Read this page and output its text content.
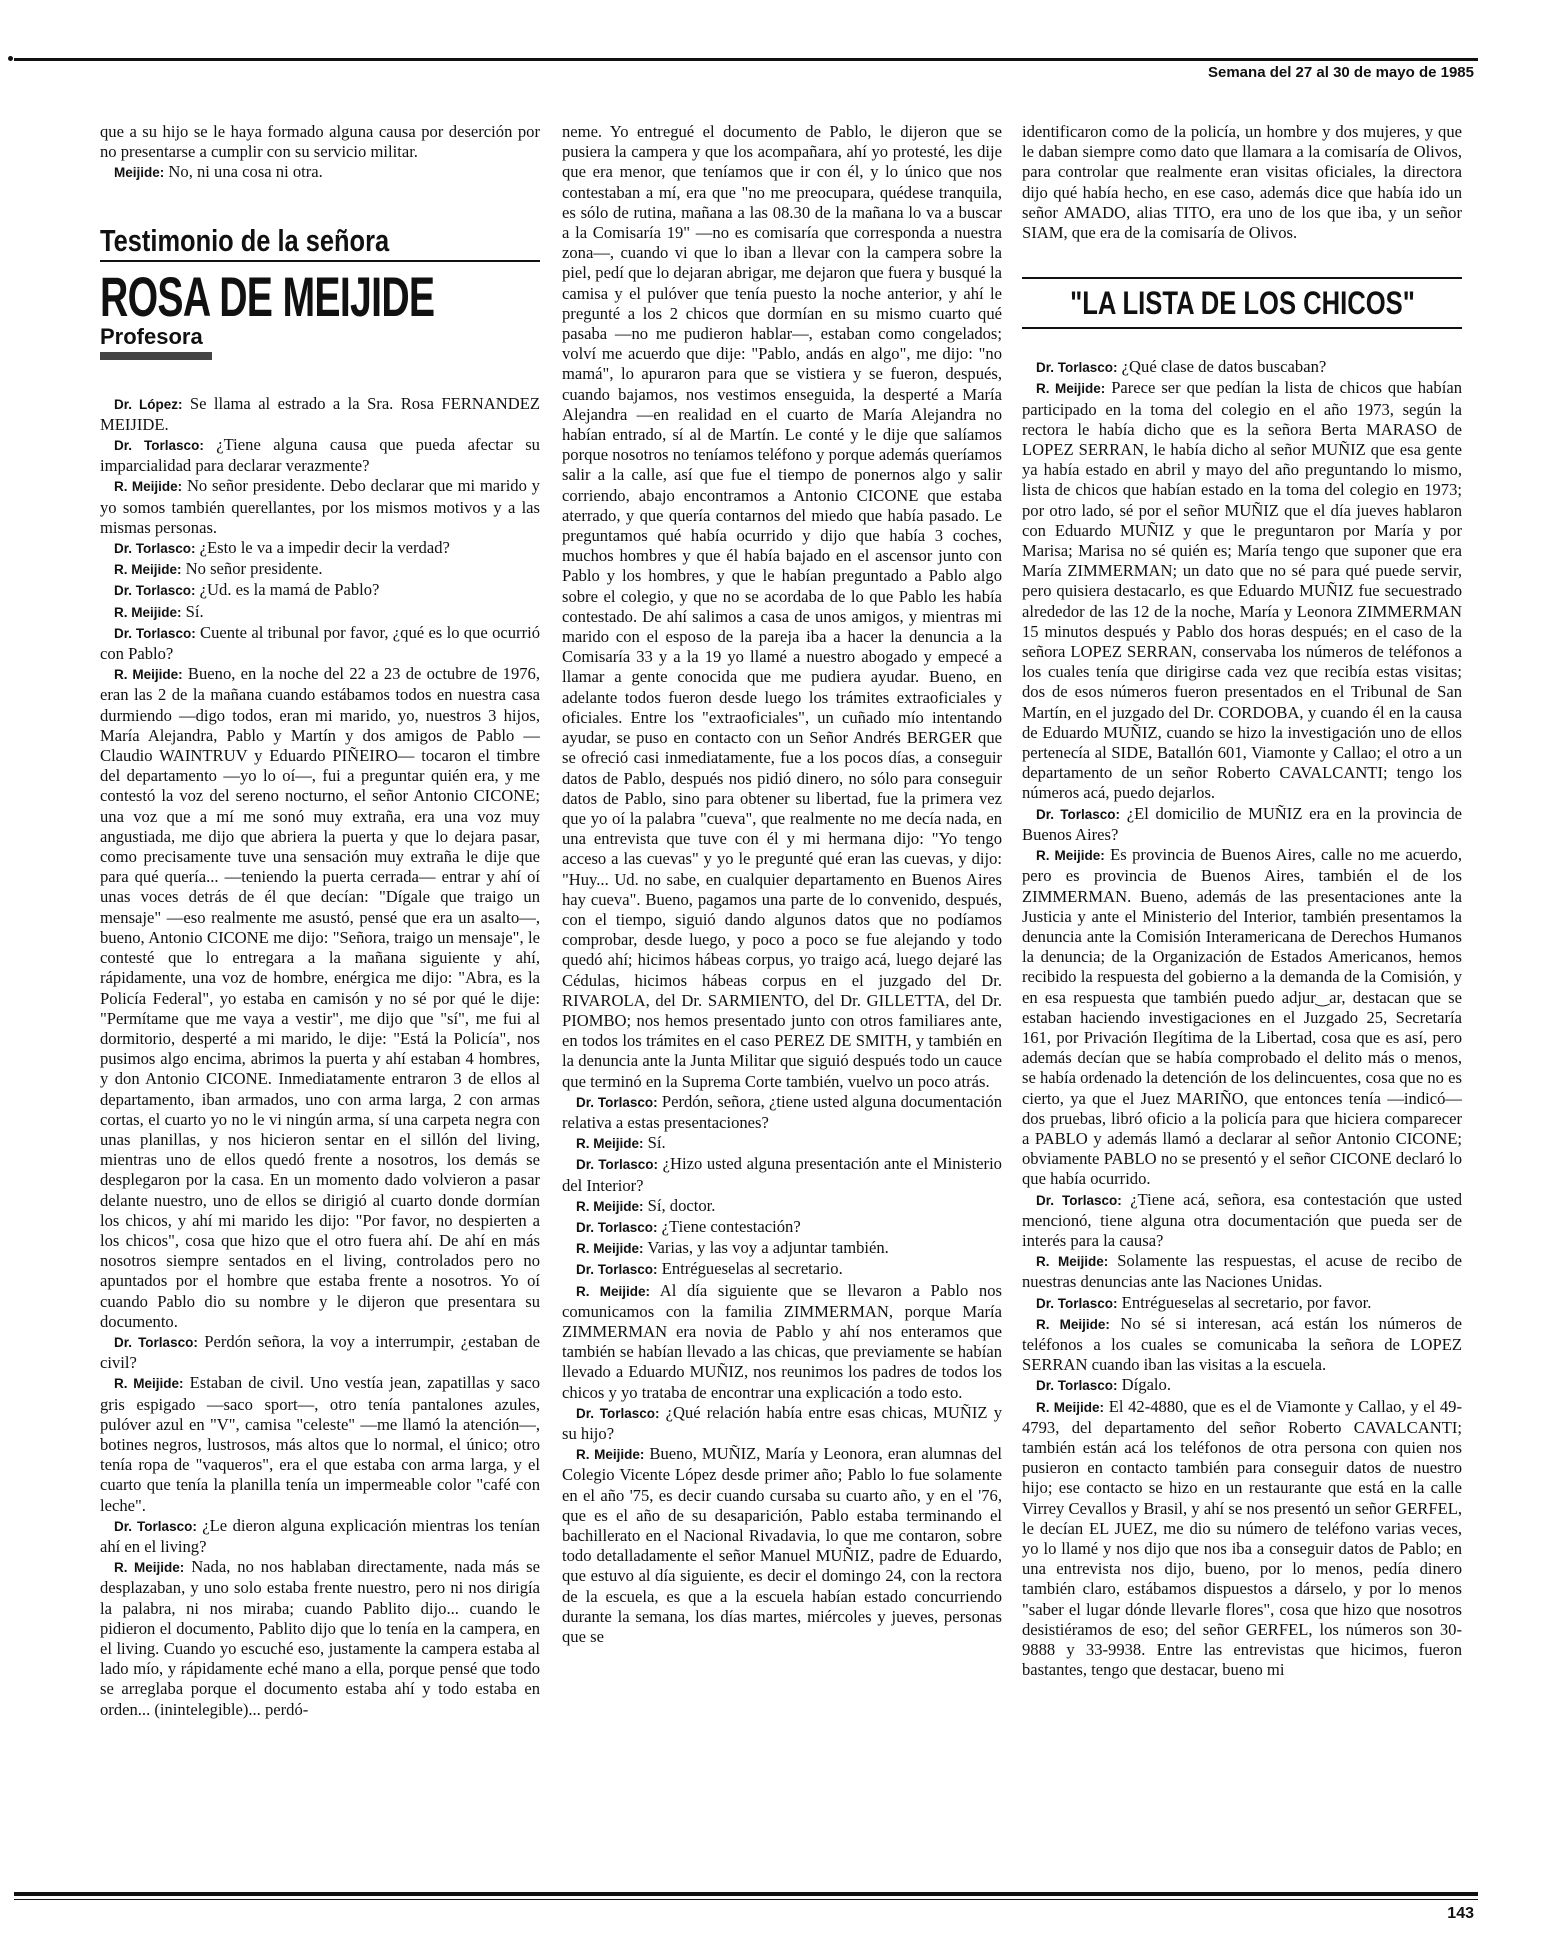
Semana del 27 al 30 de mayo de 1985

que a su hijo se le haya formado alguna causa por deserción por no presentarse a cumplir con su servicio militar.

Meijide: No, ni una cosa ni otra.

Testimonio de la señora
ROSA DE MEIJIDE
Profesora

Dr. López: Se llama al estrado a la Sra. Rosa FERNANDEZ MEIJIDE.

Dr. Torlasco: ¿Tiene alguna causa que pueda afectar su imparcialidad para declarar verazmente?

R. Meijide: No señor presidente. Debo declarar que mi marido y yo somos también querellantes, por los mismos motivos y a las mismas personas.

Dr. Torlasco: ¿Esto le va a impedir decir la verdad?

R. Meijide: No señor presidente.

Dr. Torlasco: ¿Ud. es la mamá de Pablo?

R. Meijide: Sí.

Dr. Torlasco: Cuente al tribunal por favor, ¿qué es lo que ocurrió con Pablo?

R. Meijide: Bueno, en la noche del 22 a 23 de octubre de 1976, eran las 2 de la mañana cuando estábamos todos en nuestra casa durmiendo —digo todos, eran mi marido, yo, nuestros 3 hijos, María Alejandra, Pablo y Martín y dos amigos de Pablo —Claudio WAINTRUV y Eduardo PIÑEIRO— tocaron el timbre del departamento —yo lo oí—, fui a preguntar quién era, y me contestó la voz del sereno nocturno, el señor Antonio CICONE; una voz que a mí me sonó muy extraña, era una voz muy angustiada, me dijo que abriera la puerta y que lo dejara pasar, como precisamente tuve una sensación muy extraña le dije que para qué quería... —teniendo la puerta cerrada— entrar y ahí oí unas voces detrás de él que decían: "Dígale que traigo un mensaje" —eso realmente me asustó, pensé que era un asalto—, bueno, Antonio CICONE me dijo: "Señora, traigo un mensaje", le contesté que lo entregara a la mañana siguiente y ahí, rápidamente, una voz de hombre, enérgica me dijo: "Abra, es la Policía Federal", yo estaba en camisón y no sé por qué le dije: "Permítame que me vaya a vestir", me dijo que "sí", me fui al dormitorio, desperté a mi marido, le dije: "Está la Policía", nos pusimos algo encima, abrimos la puerta y ahí estaban 4 hombres, y don Antonio CICONE. Inmediatamente entraron 3 de ellos al departamento, iban armados, uno con arma larga, 2 con armas cortas, el cuarto yo no le vi ningún arma, sí una carpeta negra con unas planillas, y nos hicieron sentar en el sillón del living, mientras uno de ellos quedó frente a nosotros, los demás se desplegaron por la casa. En un momento dado volvieron a pasar delante nuestro, uno de ellos se dirigió al cuarto donde dormían los chicos, y ahí mi marido les dijo: "Por favor, no despierten a los chicos", cosa que hizo que el otro fuera ahí. De ahí en más nosotros siempre sentados en el living, controlados pero no apuntados por el hombre que estaba frente a nosotros. Yo oí cuando Pablo dio su nombre y le dijeron que presentara su documento.

Dr. Torlasco: Perdón señora, la voy a interrumpir, ¿estaban de civil?

R. Meijide: Estaban de civil. Uno vestía jean, zapatillas y saco gris espigado —saco sport—, otro tenía pantalones azules, pulóver azul en "V", camisa "celeste" —me llamó la atención—, botines negros, lustrosos, más altos que lo normal, el único; otro tenía ropa de "vaqueros", era el que estaba con arma larga, y el cuarto que tenía la planilla tenía un impermeable color "café con leche".

Dr. Torlasco: ¿Le dieron alguna explicación mientras los tenían ahí en el living?

R. Meijide: Nada, no nos hablaban directamente, nada más se desplazaban, y uno solo estaba frente nuestro, pero ni nos dirigía la palabra, ni nos miraba; cuando Pablito dijo... cuando le pidieron el documento, Pablito dijo que lo tenía en la campera, en el living. Cuando yo escuché eso, justamente la campera estaba al lado mío, y rápidamente eché mano a ella, porque pensé que todo se arreglaba porque el documento estaba ahí y todo estaba en orden... (inintelegible)... perdó-

neme. Yo entregué el documento de Pablo, le dijeron que se pusiera la campera y que los acompañara, ahí yo protesté, les dije que era menor, que teníamos que ir con él, y lo único que nos contestaban a mí, era que "no me preocupara, quédese tranquila, es sólo de rutina, mañana a las 08.30 de la mañana lo va a buscar a la Comisaría 19" —no es comisaría que corresponda a nuestra zona—, cuando vi que lo iban a llevar con la campera sobre la piel, pedí que lo dejaran abrigar, me dejaron que fuera y busqué la camisa y el pulóver que tenía puesto la noche anterior, y ahí le pregunté a los 2 chicos que dormían en su mismo cuarto qué pasaba —no me pudieron hablar—, estaban como congelados; volví me acuerdo que dije: "Pablo, andás en algo", me dijo: "no mamá", lo apuraron para que se vistiera y se fueron, después, cuando bajamos, nos vestimos enseguida, la desperté a María Alejandra —en realidad en el cuarto de María Alejandra no habían entrado, sí al de Martín. Le conté y le dije que salíamos porque nosotros no teníamos teléfono y porque además queríamos salir a la calle, así que fue el tiempo de ponernos algo y salir corriendo, abajo encontramos a Antonio CICONE que estaba aterrado, y que quería contarnos del miedo que había pasado. Le preguntamos qué había ocurrido y dijo que había 3 coches, muchos hombres y que él había bajado en el ascensor junto con Pablo y los hombres, y que le habían preguntado a Pablo algo sobre el colegio, y que no se acordaba de lo que Pablo les había contestado. De ahí salimos a casa de unos amigos, y mientras mi marido con el esposo de la pareja iba a hacer la denuncia a la Comisaría 33 y a la 19 yo llamé a nuestro abogado y empecé a llamar a gente conocida que me pudiera ayudar. Bueno, en adelante todos fueron desde luego los trámites extraoficiales y oficiales. Entre los "extraoficiales", un cuñado mío intentando ayudar, se puso en contacto con un Señor Andrés BERGER que se ofreció casi inmediatamente, fue a los pocos días, a conseguir datos de Pablo, después nos pidió dinero, no sólo para conseguir datos de Pablo, sino para obtener su libertad, fue la primera vez que yo oí la palabra "cueva", que realmente no me decía nada, en una entrevista que tuve con él y mi hermana dijo: "Yo tengo acceso a las cuevas" y yo le pregunté qué eran las cuevas, y dijo: "Huy... Ud. no sabe, en cualquier departamento en Buenos Aires hay cueva". Bueno, pagamos una parte de lo convenido, después, con el tiempo, siguió dando algunos datos que no podíamos comprobar, desde luego, y poco a poco se fue alejando y todo quedó ahí; hicimos hábeas corpus, yo traigo acá, luego dejaré las Cédulas, hicimos hábeas corpus en el juzgado del Dr. RIVAROLA, del Dr. SARMIENTO, del Dr. GILLETTA, del Dr. PIOMBO; nos hemos presentado junto con otros familiares ante, en todos los trámites en el caso PEREZ DE SMITH, y también en la denuncia ante la Junta Militar que siguió después todo un cauce que terminó en la Suprema Corte también, vuelvo un poco atrás.

Dr. Torlasco: Perdón, señora, ¿tiene usted alguna documentación relativa a estas presentaciones?

R. Meijide: Sí.

Dr. Torlasco: ¿Hizo usted alguna presentación ante el Ministerio del Interior?

R. Meijide: Sí, doctor.

Dr. Torlasco: ¿Tiene contestación?

R. Meijide: Varias, y las voy a adjuntar también.

Dr. Torlasco: Entrégueselas al secretario.

R. Meijide: Al día siguiente que se llevaron a Pablo nos comunicamos con la familia ZIMMERMAN, porque María ZIMMERMAN era novia de Pablo y ahí nos enteramos que también se habían llevado a las chicas, que previamente se habían llevado a Eduardo MUÑIZ, nos reunimos los padres de todos los chicos y yo trataba de encontrar una explicación a todo esto.

Dr. Torlasco: ¿Qué relación había entre esas chicas, MUÑIZ y su hijo?

R. Meijide: Bueno, MUÑIZ, María y Leonora, eran alumnas del Colegio Vicente López desde primer año; Pablo lo fue solamente en el año '75, es decir cuando cursaba su cuarto año, y en el '76, que es el año de su desaparición, Pablo estaba terminando el bachillerato en el Nacional Rivadavia, lo que me contaron, sobre todo detalladamente el señor Manuel MUÑIZ, padre de Eduardo, que estuvo al día siguiente, es decir el domingo 24, con la rectora de la escuela, es que a la escuela habían estado concurriendo durante la semana, los días martes, miércoles y jueves, personas que se

identificaron como de la policía, un hombre y dos mujeres, y que le daban siempre como dato que llamara a la comisaría de Olivos, para controlar que realmente eran visitas oficiales, la directora dijo qué había hecho, en ese caso, además dice que había ido un señor AMADO, alias TITO, era uno de los que iba, y un señor SIAM, que era de la comisaría de Olivos.

"LA LISTA DE LOS CHICOS"

Dr. Torlasco: ¿Qué clase de datos buscaban?

R. Meijide: Parece ser que pedían la lista de chicos que habían participado en la toma del colegio en el año 1973, según la rectora le había dicho que es la señora Berta MARASO de LOPEZ SERRAN, le había dicho al señor MUÑIZ que esa gente ya había estado en abril y mayo del año preguntando lo mismo, lista de chicos que habían estado en la toma del colegio en 1973; por otro lado, sé por el señor MUÑIZ que el día jueves hablaron con Eduardo MUÑIZ y que le preguntaron por María y por Marisa; Marisa no sé quién es; María tengo que suponer que era María ZIMMERMAN; un dato que no sé para qué puede servir, pero quisiera destacarlo, es que Eduardo MUÑIZ fue secuestrado alrededor de las 12 de la noche, María y Leonora ZIMMERMAN 15 minutos después y Pablo dos horas después; en el caso de la señora LOPEZ SERRAN, conservaba los números de teléfonos a los cuales tenía que dirigirse cada vez que recibía estas visitas; dos de esos números fueron presentados en el Tribunal de San Martín, en el juzgado del Dr. CORDOBA, y cuando él en la causa de Eduardo MUÑIZ, cuando se hizo la investigación uno de ellos pertenecía al SIDE, Batallón 601, Viamonte y Callao; el otro a un departamento de un señor Roberto CAVALCANTI; tengo los números acá, puedo dejarlos.

Dr. Torlasco: ¿El domicilio de MUÑIZ era en la provincia de Buenos Aires?

R. Meijide: Es provincia de Buenos Aires, calle no me acuerdo, pero es provincia de Buenos Aires, también el de los ZIMMERMAN. Bueno, además de las presentaciones ante la Justicia y ante el Ministerio del Interior, también presentamos la denuncia ante la Comisión Interamericana de Derechos Humanos la denuncia; de la Organización de Estados Americanos, hemos recibido la respuesta del gobierno a la demanda de la Comisión, y en esa respuesta que también puedo adjur‿ar, destacan que se estaban haciendo investigaciones en el Juzgado 25, Secretaría 161, por Privación Ilegítima de la Libertad, cosa que es así, pero además decían que se había comprobado el delito más o menos, se había ordenado la detención de los delincuentes, cosa que no es cierto, ya que el Juez MARIÑO, que entonces tenía —indicó— dos pruebas, libró oficio a la policía para que hiciera comparecer a PABLO y además llamó a declarar al señor Antonio CICONE; obviamente PABLO no se presentó y el señor CICONE declaró lo que había ocurrido.

Dr. Torlasco: ¿Tiene acá, señora, esa contestación que usted mencionó, tiene alguna otra documentación que pueda ser de interés para la causa?

R. Meijide: Solamente las respuestas, el acuse de recibo de nuestras denuncias ante las Naciones Unidas.

Dr. Torlasco: Entrégueselas al secretario, por favor.

R. Meijide: No sé si interesan, acá están los números de teléfonos a los cuales se comunicaba la señora de LOPEZ SERRAN cuando iban las visitas a la escuela.

Dr. Torlasco: Dígalo.

R. Meijide: El 42-4880, que es el de Viamonte y Callao, y el 49-4793, del departamento del señor Roberto CAVALCANTI; también están acá los teléfonos de otra persona con quien nos pusieron en contacto también para conseguir datos de nuestro hijo; ese contacto se hizo en un restaurante que está en la calle Virrey Cevallos y Brasil, y ahí se nos presentó un señor GERFEL, le decían EL JUEZ, me dio su número de teléfono varias veces, yo lo llamé y nos dijo que nos iba a conseguir datos de Pablo; en una entrevista nos dijo, bueno, por lo menos, pedía dinero también claro, estábamos dispuestos a dárselo, y por lo menos "saber el lugar dónde llevarle flores", cosa que hizo que nosotros desistiéramos de eso; del señor GERFEL, los números son 30-9888 y 33-9938. Entre las entrevistas que hicimos, fueron bastantes, tengo que destacar, bueno mi

143
